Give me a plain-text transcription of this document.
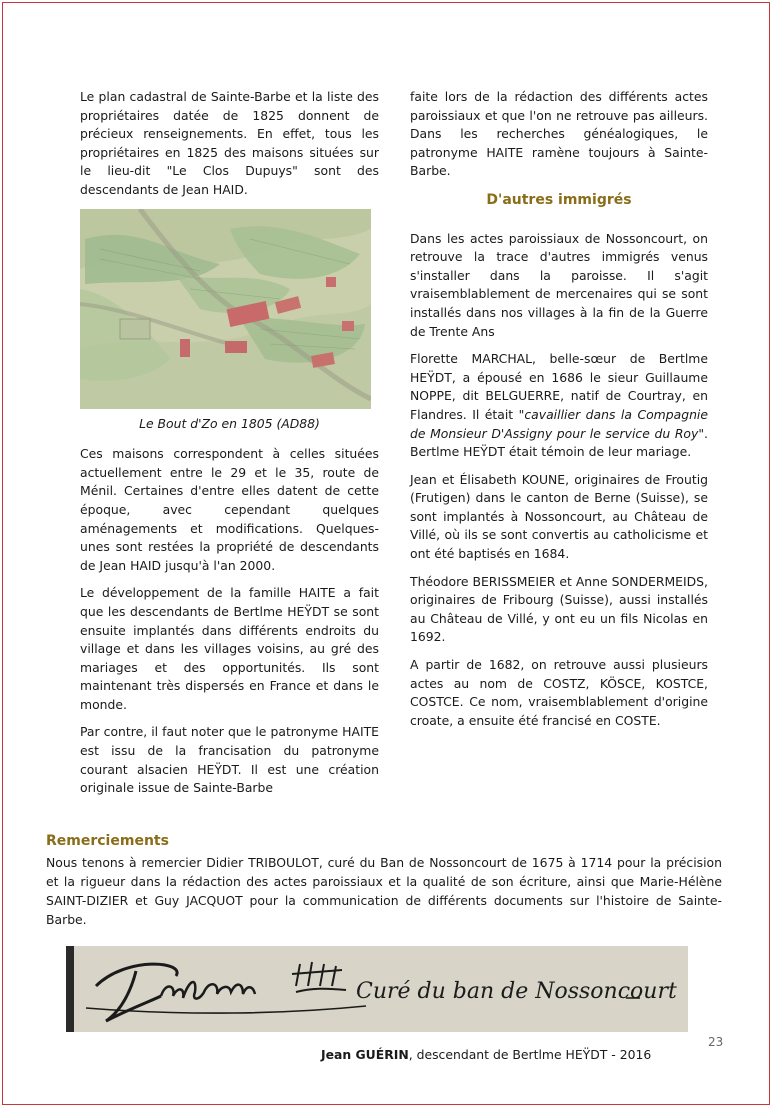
Le plan cadastral de Sainte-Barbe et la liste des propriétaires datée de 1825 donnent de précieux renseignements. En effet, tous les propriétaires en 1825 des maisons situées sur le lieu-dit "Le Clos Dupuys" sont des descendants de Jean HAID.

Le Bout d'Zo en 1805 (AD88)

Ces maisons correspondent à celles situées actuellement entre le 29 et le 35, route de Ménil. Certaines d'entre elles datent de cette époque, avec cependant quelques aménagements et modifications. Quelques-unes sont restées la propriété de descendants de Jean HAID jusqu'à l'an 2000.

Le développement de la famille HAITE a fait que les descendants de Bertlme HEŸDT se sont ensuite implantés dans différents endroits du village et dans les villages voisins, au gré des mariages et des opportunités. Ils sont maintenant très dispersés en France et dans le monde.

Par contre, il faut noter que le patronyme HAITE est issu de la francisation du patronyme courant alsacien HEŸDT. Il est une création originale issue de Sainte-Barbe

faite lors de la rédaction des différents actes paroissiaux et que l'on ne retrouve pas ailleurs. Dans les recherches généalogiques, le patronyme HAITE ramène toujours à Sainte-Barbe.

D'autres immigrés

Dans les actes paroissiaux de Nossoncourt, on retrouve la trace d'autres immigrés venus s'installer dans la paroisse. Il s'agit vraisemblablement de mercenaires qui se sont installés dans nos villages à la fin de la Guerre de Trente Ans

Florette MARCHAL, belle-sœur de Bertlme HEŸDT, a épousé en 1686 le sieur Guillaume NOPPE, dit BELGUERRE, natif de Courtray, en Flandres. Il était "cavaillier dans la Compagnie de Monsieur D'Assigny pour le service du Roy". Bertlme HEŸDT était témoin de leur mariage.

Jean et Élisabeth KOUNE, originaires de Froutig (Frutigen) dans le canton de Berne (Suisse), se sont implantés à Nossoncourt, au Château de Villé, où ils se sont convertis au catholicisme et ont été baptisés en 1684.

Théodore BERISSMEIER et Anne SONDERMEIDS, originaires de Fribourg (Suisse), aussi installés au Château de Villé, y ont eu un fils Nicolas en 1692.

A partir de 1682, on retrouve aussi plusieurs actes au nom de COSTZ, KÖSCE, KOSTCE, COSTCE. Ce nom, vraisemblablement d'origine croate, a ensuite été francisé en COSTE.

Remerciements

Nous tenons à remercier Didier TRIBOULOT, curé du Ban de Nossoncourt de 1675 à 1714 pour la précision et la rigueur dans la rédaction des actes paroissiaux et la qualité de son écriture, ainsi que Marie-Hélène SAINT-DIZIER et Guy JACQUOT pour la communication de différents documents sur l'histoire de Sainte-Barbe.

Curé du ban de Nossoncourt
23
Jean GUÉRIN, descendant de Bertlme HEŸDT - 2016
